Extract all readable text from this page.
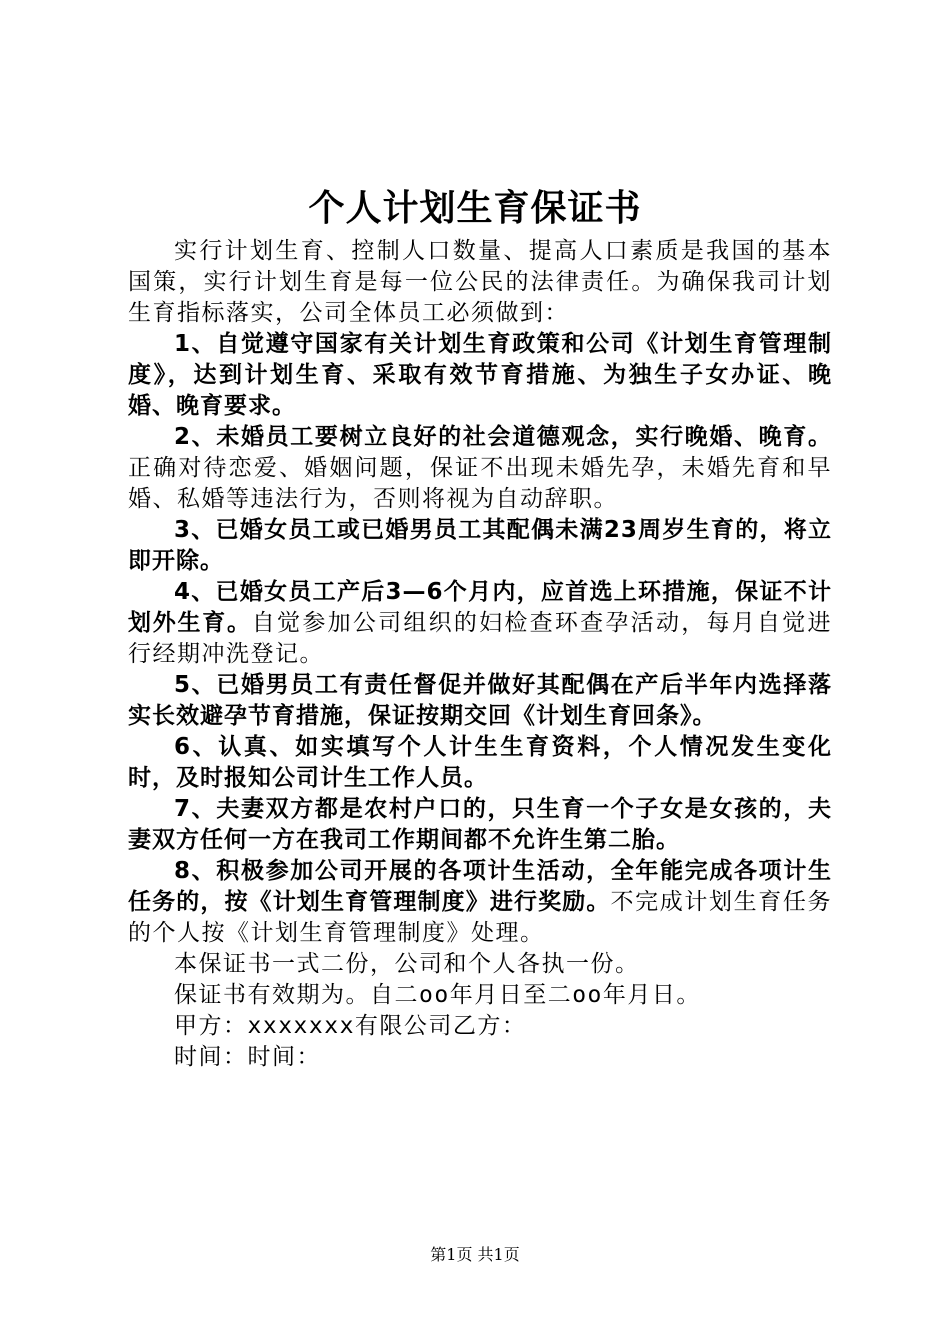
个人计划生育保证书

实行计划生育、控制人口数量、提高人口素质是我国的基本国策，实行计划生育是每一位公民的法律责任。为确保我司计划生育指标落实，公司全体员工必须做到：

1、自觉遵守国家有关计划生育政策和公司《计划生育管理制度》，达到计划生育、采取有效节育措施、为独生子女办证、晚婚、晚育要求。

2、未婚员工要树立良好的社会道德观念，实行晚婚、晚育。正确对待恋爱、婚姻问题，保证不出现未婚先孕，未婚先育和早婚、私婚等违法行为，否则将视为自动辞职。

3、已婚女员工或已婚男员工其配偶未满23周岁生育的，将立即开除。

4、已婚女员工产后3—6个月内，应首选上环措施，保证不计划外生育。自觉参加公司组织的妇检查环查孕活动，每月自觉进行经期冲洗登记。

5、已婚男员工有责任督促并做好其配偶在产后半年内选择落实长效避孕节育措施，保证按期交回《计划生育回条》。

6、认真、如实填写个人计生生育资料，个人情况发生变化时，及时报知公司计生工作人员。

7、夫妻双方都是农村户口的，只生育一个子女是女孩的，夫妻双方任何一方在我司工作期间都不允许生第二胎。

8、积极参加公司开展的各项计生活动，全年能完成各项计生任务的，按《计划生育管理制度》进行奖励。不完成计划生育任务的个人按《计划生育管理制度》处理。

本保证书一式二份，公司和个人各执一份。

保证书有效期为。自二oo年月日至二oo年月日。

甲方：xxxxxxx有限公司乙方：

时间：时间：

第1页 共1页
